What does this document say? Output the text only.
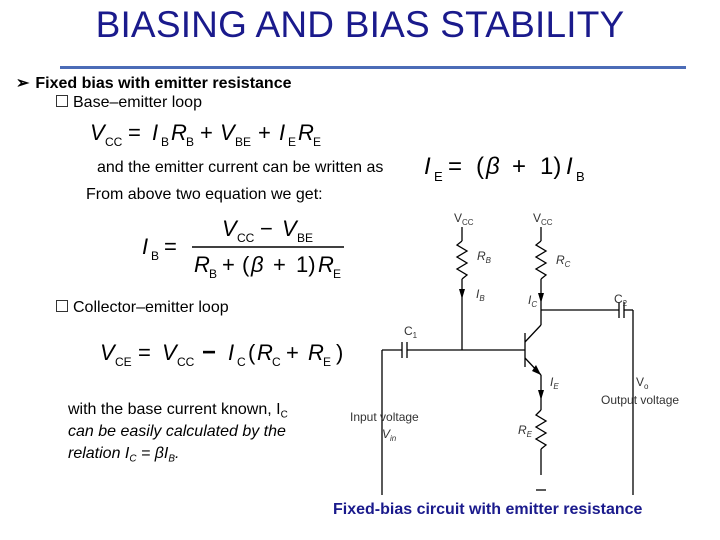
BIASING AND BIAS STABILITY
➢ Fixed bias with emitter resistance
Base–emitter loop
V CC = I B R B + V BE + I E R E
and the emitter current can be written as I E = ( β + 1) I B
From above two equation we get:
I B =
V CC − V BE
R B + ( β + 1) R E
Collector–emitter loop
V CE = V CC − I C ( R C + R E )
with the base current known, $I_C$
can be easily calculated by the
relation $I_C = \beta I_B$.
$V_{CC}$	$V_{CC}$
$R_B$	$R_C$
$I_B$	$I_C$
$C_1$
$C_2$
$I_E$	$V_o$
Output voltage
Input voltage
$V_{in}$
$R_E$
Fixed-bias circuit with emitter resistance
